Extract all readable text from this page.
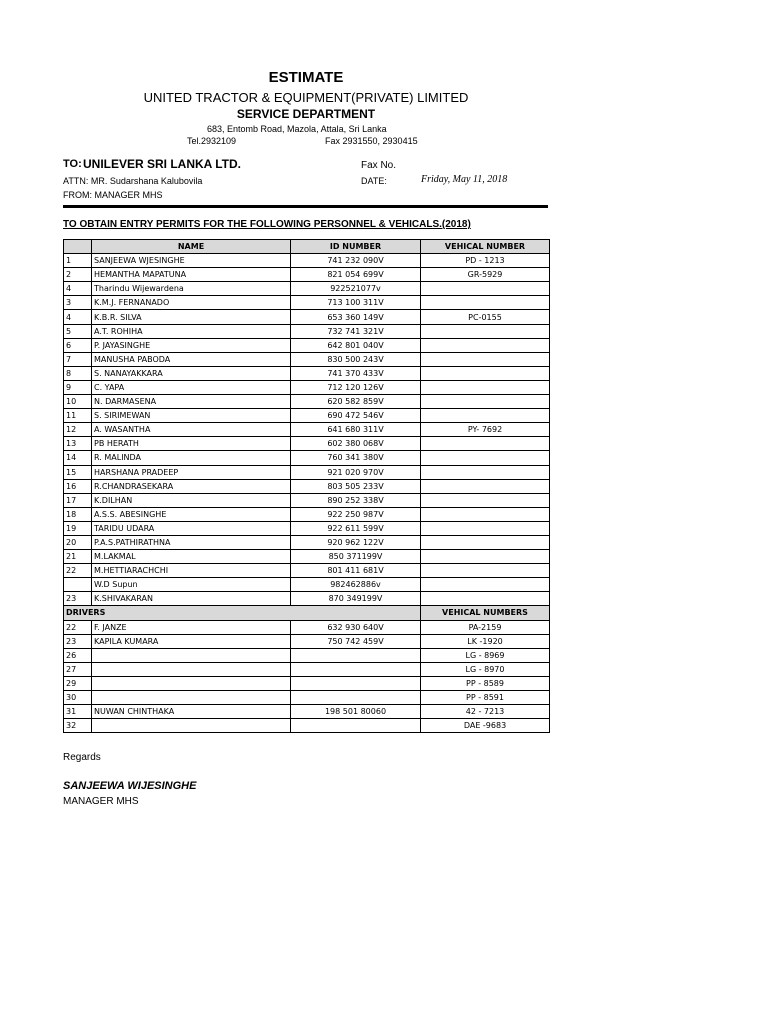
ESTIMATE
UNITED TRACTOR & EQUIPMENT(PRIVATE) LIMITED
SERVICE DEPARTMENT
683, Entomb Road, Mazola, Attala, Sri Lanka
Tel.2932109	Fax 2931550, 2930415
TO: UNILEVER SRI LANKA LTD.	Fax No.
ATTN: MR. Sudarshana Kalubovila	DATE:	Friday, May 11, 2018
FROM: MANAGER MHS
TO OBTAIN ENTRY PERMITS FOR THE FOLLOWING PERSONNEL & VEHICALS.(2018)
	NAME	ID NUMBER	VEHICAL NUMBER
1	SANJEEWA WJESINGHE	741 232 090V	PD - 1213
2	HEMANTHA MAPATUNA	821 054 699V	GR-5929
4	Tharindu Wijewardena	922521077v	
3	K.M.J. FERNANADO	713 100 311V	
4	K.B.R. SILVA	653 360 149V	PC-0155
5	A.T. ROHIHA	732 741 321V	
6	P. JAYASINGHE	642 801 040V	
7	MANUSHA PABODA	830 500 243V	
8	S. NANAYAKKARA	741 370 433V	
9	C. YAPA	712 120 126V	
10	N. DARMASENA	620 582 859V	
11	S. SIRIMEWAN	690 472 546V	
12	A. WASANTHA	641 680 311V	PY- 7692
13	PB HERATH	602 380 068V	
14	R. MALINDA	760 341 380V	
15	HARSHANA PRADEEP	921 020 970V	
16	R.CHANDRASEKARA	803 505 233V	
17	K.DILHAN	890 252 338V	
18	A.S.S. ABESINGHE	922 250 987V	
19	TARIDU UDARA	922 611 599V	
20	P.A.S.PATHIRATHNA	920 962 122V	
21	M.LAKMAL	850 371199V	
22	M.HETTIARACHCHI	801 411 681V	
	W.D Supun	982462886v	
23	K.SHIVAKARAN	870 349199V	
DRIVERS			VEHICAL NUMBERS
22	F. JANZE	632 930 640V	PA-2159
23	KAPILA KUMARA	750 742 459V	LK -1920
26			LG - 8969
27			LG - 8970
29			PP - 8589
30			PP - 8591
31	NUWAN CHINTHAKA	198 501 80060	42 - 7213
32			DAE -9683
Regards
SANJEEWA WIJESINGHE
MANAGER MHS
